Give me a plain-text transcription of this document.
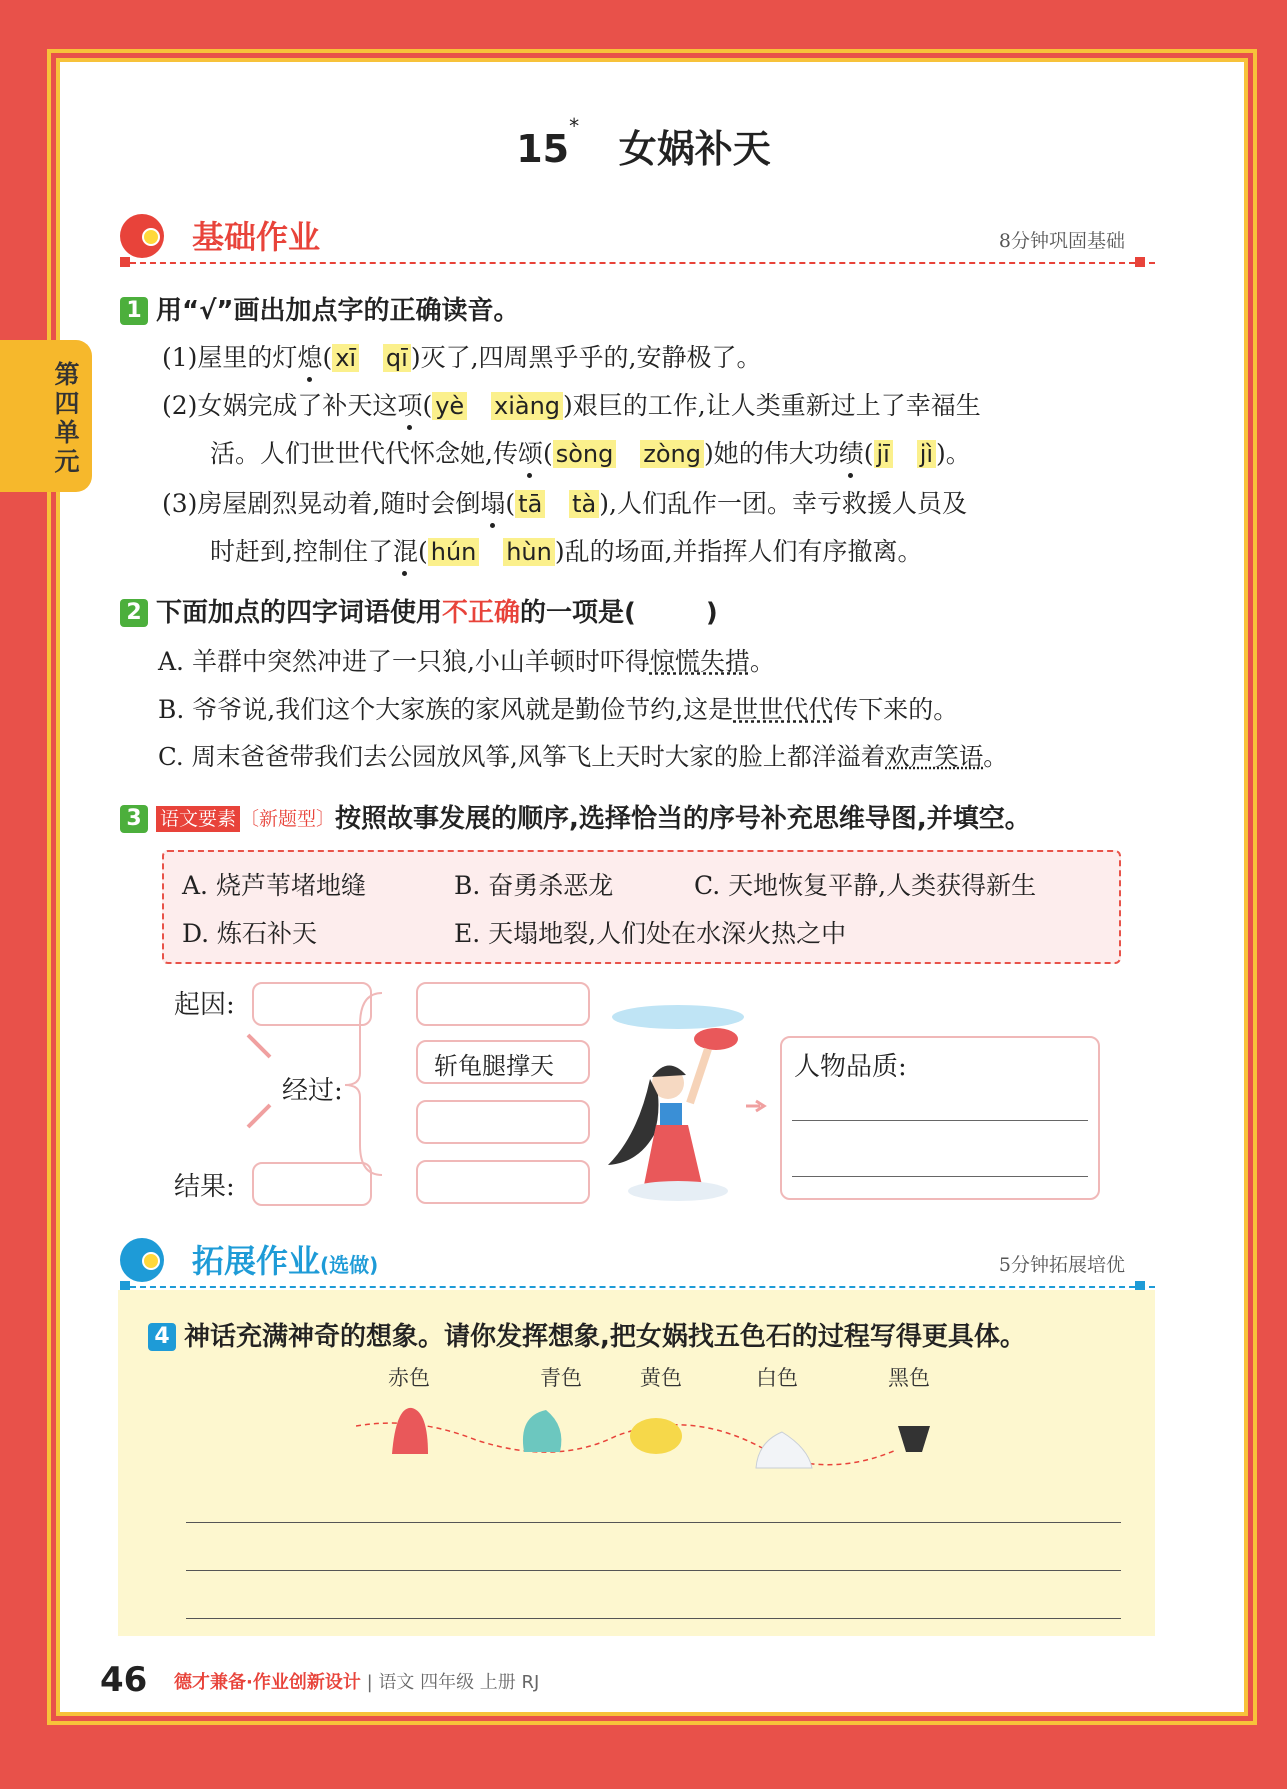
第四单元
15*   女娲补天
基础作业	8分钟巩固基础
1 用“√”画出加点字的正确读音。
(1)屋里的灯熄( xī qī )灭了,四周黑乎乎的,安静极了。
(2)女娲完成了补天这项( yè xiàng )艰巨的工作,让人类重新过上了幸福生
活。人们世世代代怀念她,传颂( sòng zòng )她的伟大功绩( jī jì )。
(3)房屋剧烈晃动着,随时会倒塌( tā tà ),人们乱作一团。幸亏救援人员及
时赶到,控制住了混( hún hùn )乱的场面,并指挥人们有序撤离。
2 下面加点的四字词语使用不正确的一项是(	)
A. 羊群中突然冲进了一只狼,小山羊顿时吓得惊慌失措。
B. 爷爷说,我们这个大家族的家风就是勤俭节约,这是世世代代传下来的。
C. 周末爸爸带我们去公园放风筝,风筝飞上天时大家的脸上都洋溢着欢声笑语。
3 语文要素 〔新题型〕按照故事发展的顺序,选择恰当的序号补充思维导图,并填空。
A. 烧芦苇堵地缝	B. 奋勇杀恶龙	C. 天地恢复平静,人类获得新生
D. 炼石补天	E. 天塌地裂,人们处在水深火热之中
起因:
经过:
结果:
斩龟腿撑天	人物品质:
拓展作业(选做)	5分钟拓展培优
4 神话充满神奇的想象。请你发挥想象,把女娲找五色石的过程写得更具体。
赤色	青色	黄色	白色	黑色
46 德才兼备·作业创新设计 | 语文 四年级 上册 RJ
